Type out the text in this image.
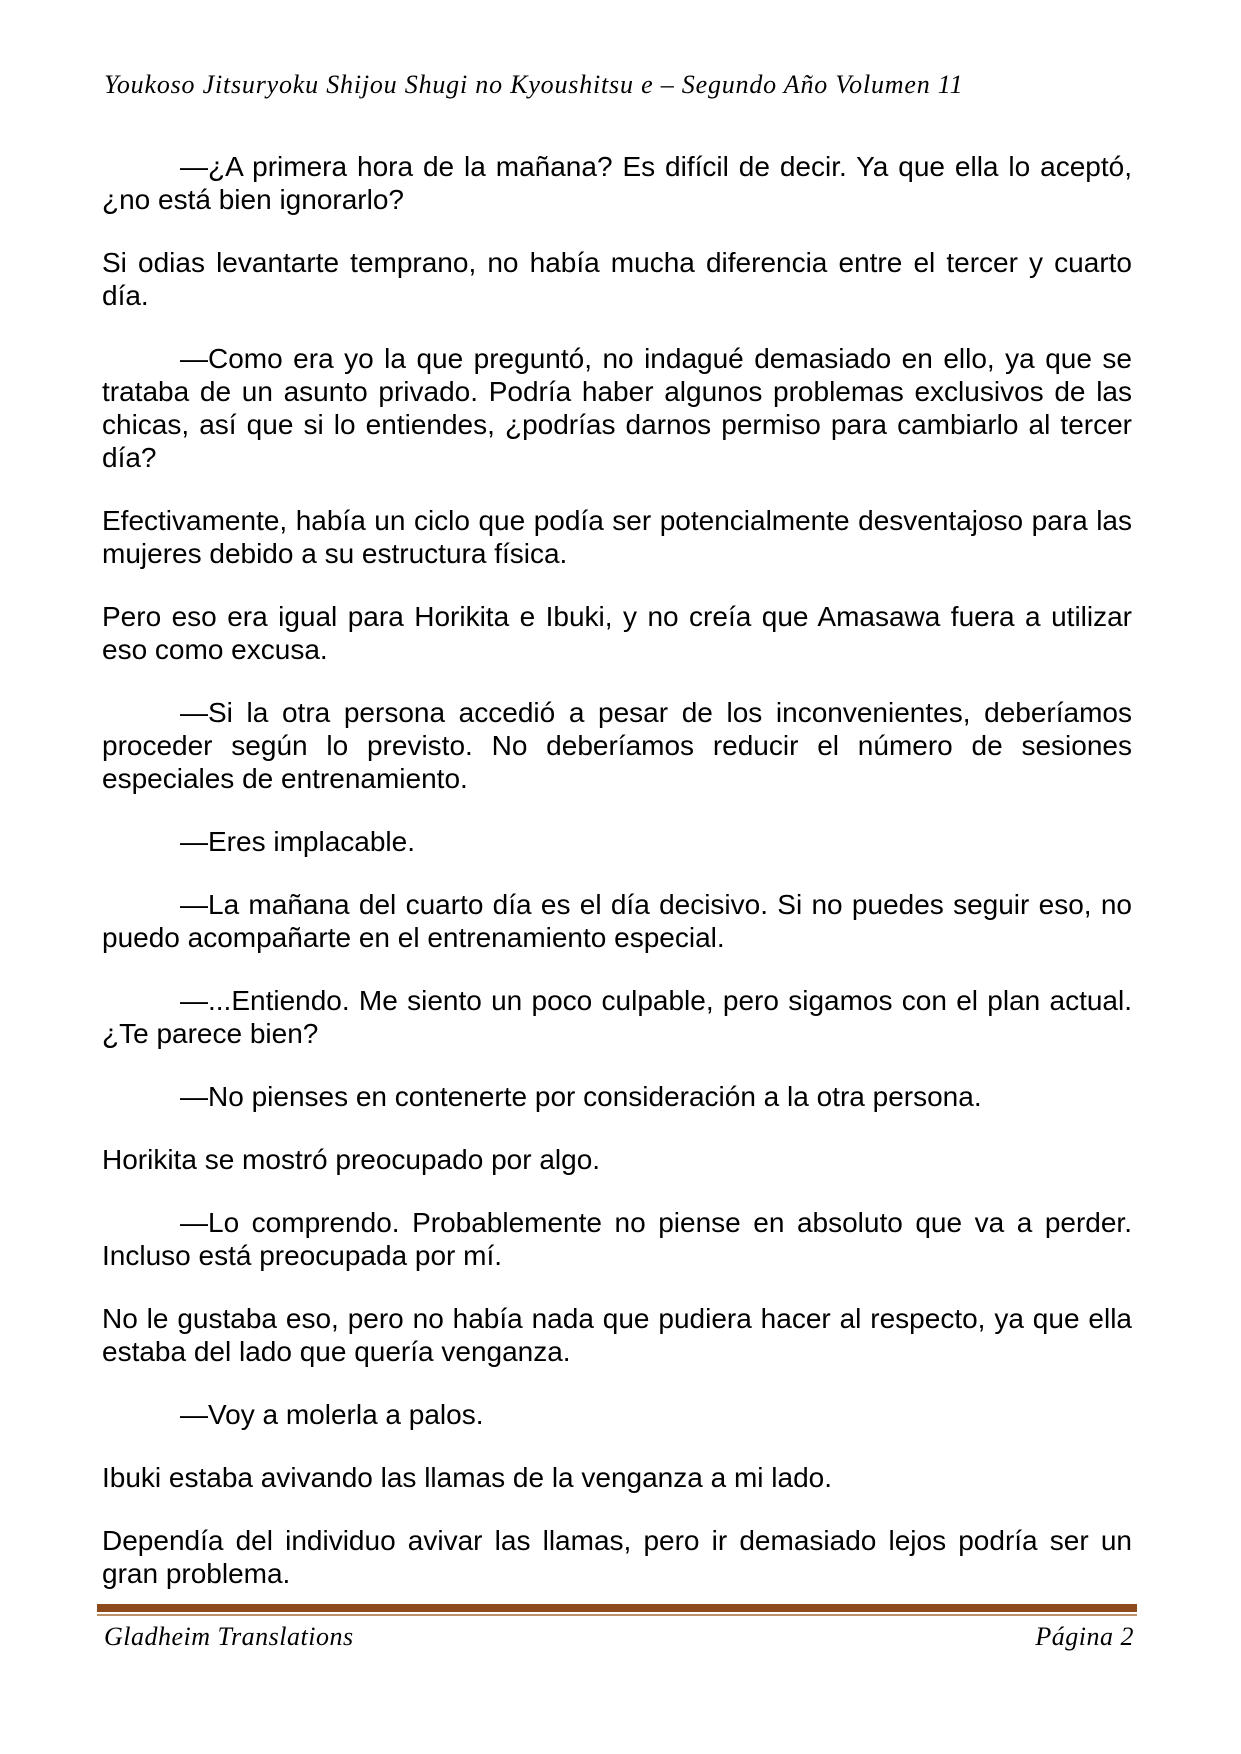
Youkoso Jitsuryoku Shijou Shugi no Kyoushitsu e – Segundo Año Volumen 11

—¿A primera hora de la mañana? Es difícil de decir. Ya que ella lo aceptó, ¿no está bien ignorarlo?

Si odias levantarte temprano, no había mucha diferencia entre el tercer y cuarto día.

—Como era yo la que preguntó, no indagué demasiado en ello, ya que se trataba de un asunto privado. Podría haber algunos problemas exclusivos de las chicas, así que si lo entiendes, ¿podrías darnos permiso para cambiarlo al tercer día?

Efectivamente, había un ciclo que podía ser potencialmente desventajoso para las mujeres debido a su estructura física.

Pero eso era igual para Horikita e Ibuki, y no creía que Amasawa fuera a utilizar eso como excusa.

—Si la otra persona accedió a pesar de los inconvenientes, deberíamos proceder según lo previsto. No deberíamos reducir el número de sesiones especiales de entrenamiento.

—Eres implacable.

—La mañana del cuarto día es el día decisivo. Si no puedes seguir eso, no puedo acompañarte en el entrenamiento especial.

—...Entiendo. Me siento un poco culpable, pero sigamos con el plan actual. ¿Te parece bien?

—No pienses en contenerte por consideración a la otra persona.

Horikita se mostró preocupado por algo.

—Lo comprendo. Probablemente no piense en absoluto que va a perder. Incluso está preocupada por mí.

No le gustaba eso, pero no había nada que pudiera hacer al respecto, ya que ella estaba del lado que quería venganza.

—Voy a molerla a palos.

Ibuki estaba avivando las llamas de la venganza a mi lado.

Dependía del individuo avivar las llamas, pero ir demasiado lejos podría ser un gran problema.

Gladheim Translations	Página 2
